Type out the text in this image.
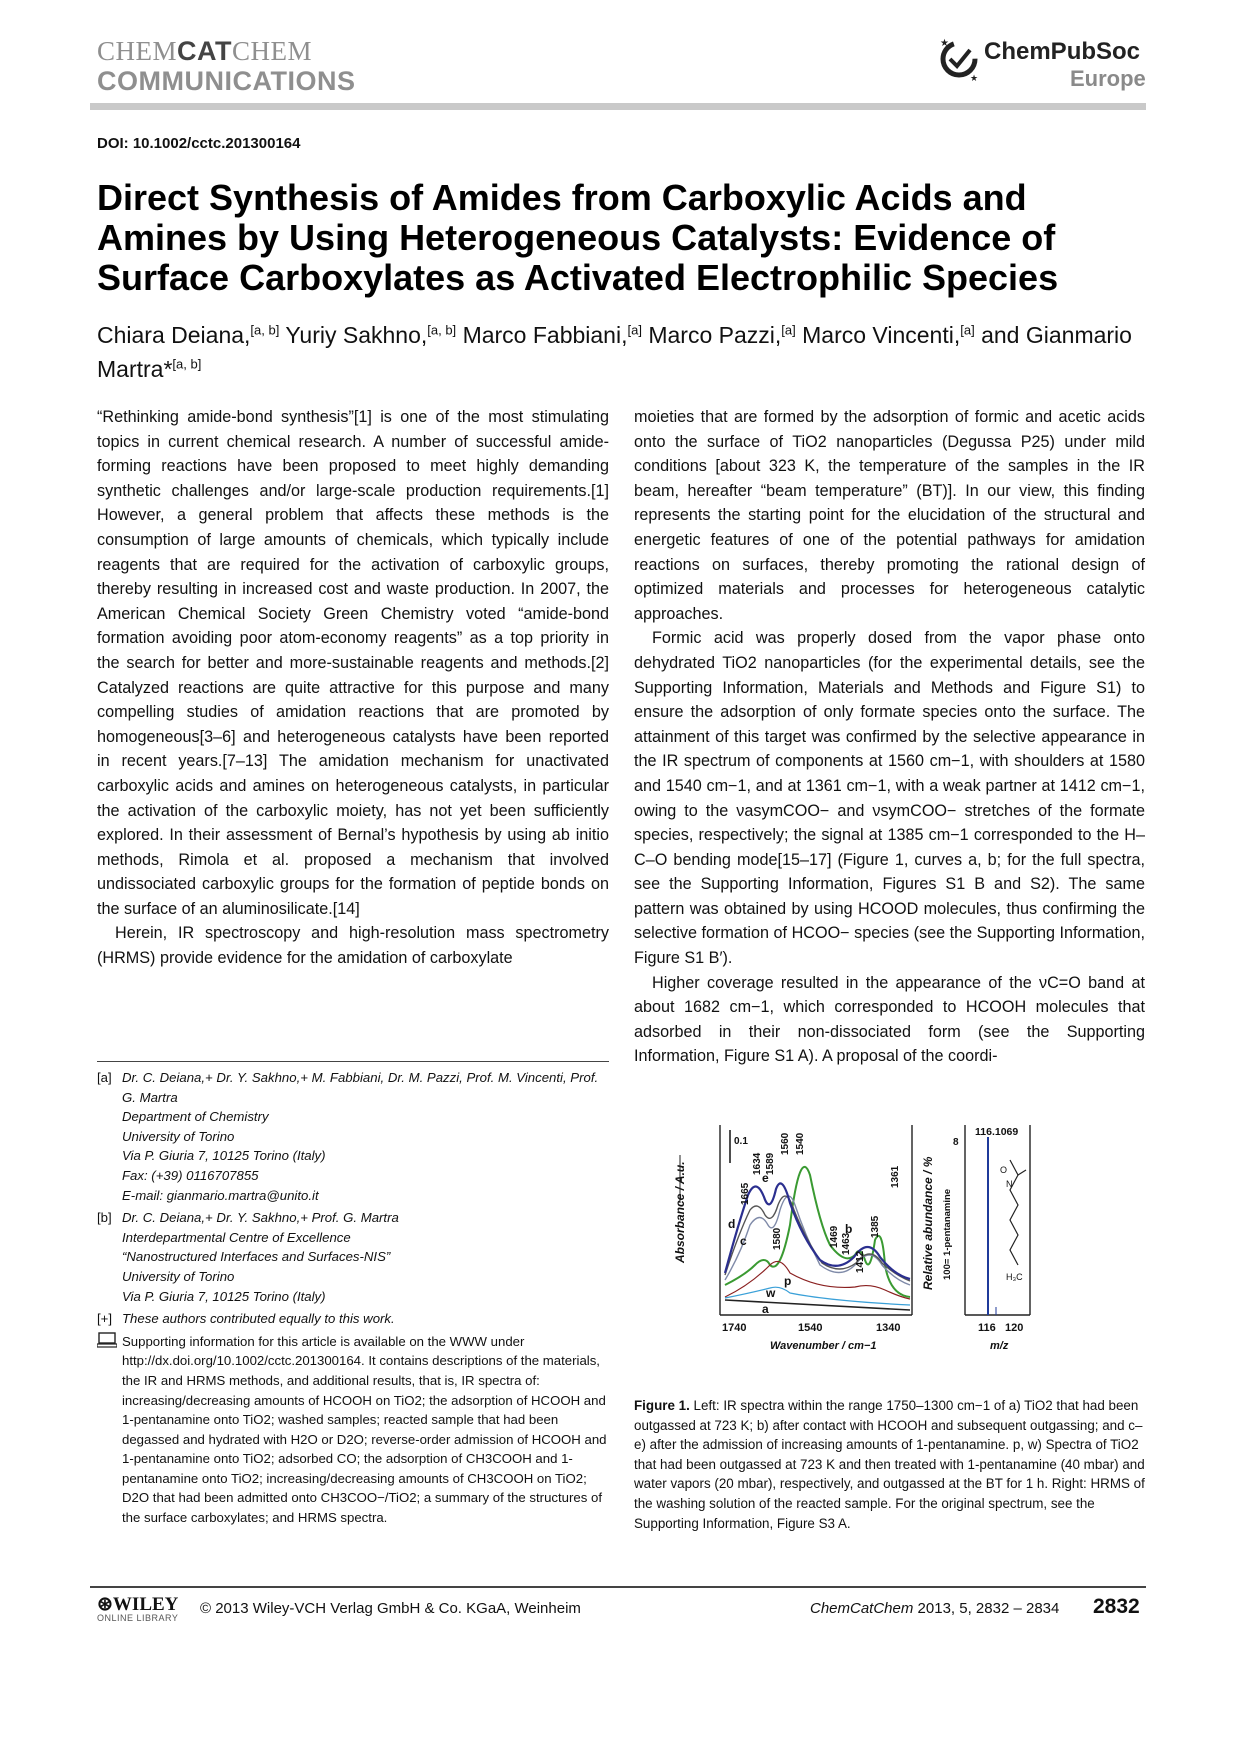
CHEMCATCHEM
COMMUNICATIONS
★
★
ChemPubSoc
Europe
DOI: 10.1002/cctc.201300164
Direct Synthesis of Amides from Carboxylic Acids and Amines by Using Heterogeneous Catalysts: Evidence of Surface Carboxylates as Activated Electrophilic Species
Chiara Deiana,[a, b] Yuriy Sakhno,[a, b] Marco Fabbiani,[a] Marco Pazzi,[a] Marco Vincenti,[a] and Gianmario Martra*[a, b]

“Rethinking amide-bond synthesis”[1] is one of the most stimulating topics in current chemical research. A number of successful amide-forming reactions have been proposed to meet highly demanding synthetic challenges and/or large-scale production requirements.[1] However, a general problem that affects these methods is the consumption of large amounts of chemicals, which typically include reagents that are required for the activation of carboxylic groups, thereby resulting in increased cost and waste production. In 2007, the American Chemical Society Green Chemistry voted “amide-bond formation avoiding poor atom-economy reagents” as a top priority in the search for better and more-sustainable reagents and methods.[2] Catalyzed reactions are quite attractive for this purpose and many compelling studies of amidation reactions that are promoted by homogeneous[3–6] and heterogeneous catalysts have been reported in recent years.[7–13] The amidation mechanism for unactivated carboxylic acids and amines on heterogeneous catalysts, in particular the activation of the carboxylic moiety, has not yet been sufficiently explored. In their assessment of Bernal’s hypothesis by using ab initio methods, Rimola et al. proposed a mechanism that involved undissociated carboxylic groups for the formation of peptide bonds on the surface of an aluminosilicate.[14]

Herein, IR spectroscopy and high-resolution mass spectrometry (HRMS) provide evidence for the amidation of carboxylate

moieties that are formed by the adsorption of formic and acetic acids onto the surface of TiO2 nanoparticles (Degussa P25) under mild conditions [about 323 K, the temperature of the samples in the IR beam, hereafter “beam temperature” (BT)]. In our view, this finding represents the starting point for the elucidation of the structural and energetic features of one of the potential pathways for amidation reactions on surfaces, thereby promoting the rational design of optimized materials and processes for heterogeneous catalytic approaches.

Formic acid was properly dosed from the vapor phase onto dehydrated TiO2 nanoparticles (for the experimental details, see the Supporting Information, Materials and Methods and Figure S1) to ensure the adsorption of only formate species onto the surface. The attainment of this target was confirmed by the selective appearance in the IR spectrum of components at 1560 cm−1, with shoulders at 1580 and 1540 cm−1, and at 1361 cm−1, with a weak partner at 1412 cm−1, owing to the νasymCOO− and νsymCOO− stretches of the formate species, respectively; the signal at 1385 cm−1 corresponded to the H–C–O bending mode[15–17] (Figure 1, curves a, b; for the full spectra, see the Supporting Information, Figures S1 B and S2). The same pattern was obtained by using HCOOD molecules, thus confirming the selective formation of HCOO− species (see the Supporting Information, Figure S1 B′).

Higher coverage resulted in the appearance of the νC=O band at about 1682 cm−1, which corresponded to HCOOH molecules that adsorbed in their non-dissociated form (see the Supporting Information, Figure S1 A). A proposal of the coordi-

[a] Dr. C. Deiana,+ Dr. Y. Sakhno,+ M. Fabbiani, Dr. M. Pazzi, Prof. M. Vincenti, Prof. G. Martra
Department of Chemistry
University of Torino
Via P. Giuria 7, 10125 Torino (Italy)
Fax: (+39) 0116707855
E-mail: gianmario.martra@unito.it
[b] Dr. C. Deiana,+ Dr. Y. Sakhno,+ Prof. G. Martra
Interdepartmental Centre of Excellence
“Nanostructured Interfaces and Surfaces-NIS”
University of Torino
Via P. Giuria 7, 10125 Torino (Italy)
[+] These authors contributed equally to this work.
Supporting information for this article is available on the WWW under http://dx.doi.org/10.1002/cctc.201300164. It contains descriptions of the materials, the IR and HRMS methods, and additional results, that is, IR spectra of: increasing/decreasing amounts of HCOOH on TiO2; the adsorption of HCOOH and 1-pentanamine onto TiO2; washed samples; reacted sample that had been degassed and hydrated with H2O or D2O; reverse-order admission of HCOOH and 1-pentanamine onto TiO2; adsorbed CO; the adsorption of CH3COOH and 1-pentanamine onto TiO2; increasing/decreasing amounts of CH3COOH on TiO2; D2O that had been admitted onto CH3COO−/TiO2; a summary of the structures of the surface carboxylates; and HRMS spectra.
0.1
Absorbance / A.u.
1740	1540	1340
Wavenumber / cm−1
a
b
c
d
e
p
w
1665
1634 1589
1560 1540
1580	1469 1463
1412
1385
1361 Relative abundance / % 100= 1-pentanamine
8
116.1069
116 120
m/z
O
N
H₃C
Figure 1. Left: IR spectra within the range 1750–1300 cm−1 of a) TiO2 that had been outgassed at 723 K; b) after contact with HCOOH and subsequent outgassing; and c–e) after the admission of increasing amounts of 1-pentanamine. p, w) Spectra of TiO2 that had been outgassed at 723 K and then treated with 1-pentanamine (40 mbar) and water vapors (20 mbar), respectively, and outgassed at the BT for 1 h. Right: HRMS of the washing solution of the reacted sample. For the original spectrum, see the Supporting Information, Figure S3 A.
⊛WILEY
ONLINE LIBRARY
© 2013 Wiley-VCH Verlag GmbH & Co. KGaA, Weinheim	ChemCatChem 2013, 5, 2832 – 2834 2832
